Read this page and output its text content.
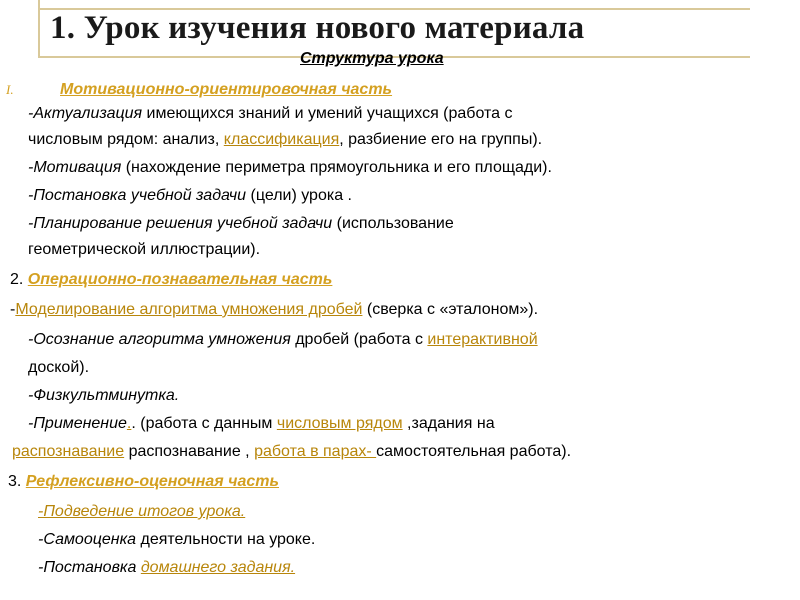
1. Урок изучения нового материала
Структура урока
I.	Мотивационно-ориентировочная часть
-Актуализация имеющихся знаний и умений учащихся (работа с
числовым рядом: анализ, классификация, разбиение его на группы).
-Мотивация (нахождение периметра прямоугольника и его площади).
-Постановка учебной задачи (цели) урока .
-Планирование решения учебной задачи (использование
геометрической иллюстрации).
2. Операционно-познавательная часть
-Моделирование алгоритма умножения дробей (сверка с «эталоном»).
-Осознание алгоритма умножения дробей (работа с интерактивной
доской).
-Физкультминутка.
-Применение.. (работа с данным числовым рядом ,задания на
распознавание распознавание , работа в парах- самостоятельная работа).
3. Рефлексивно-оценочная часть
-Подведение итогов урока.
-Самооценка деятельности на уроке.
-Постановка домашнего задания.
